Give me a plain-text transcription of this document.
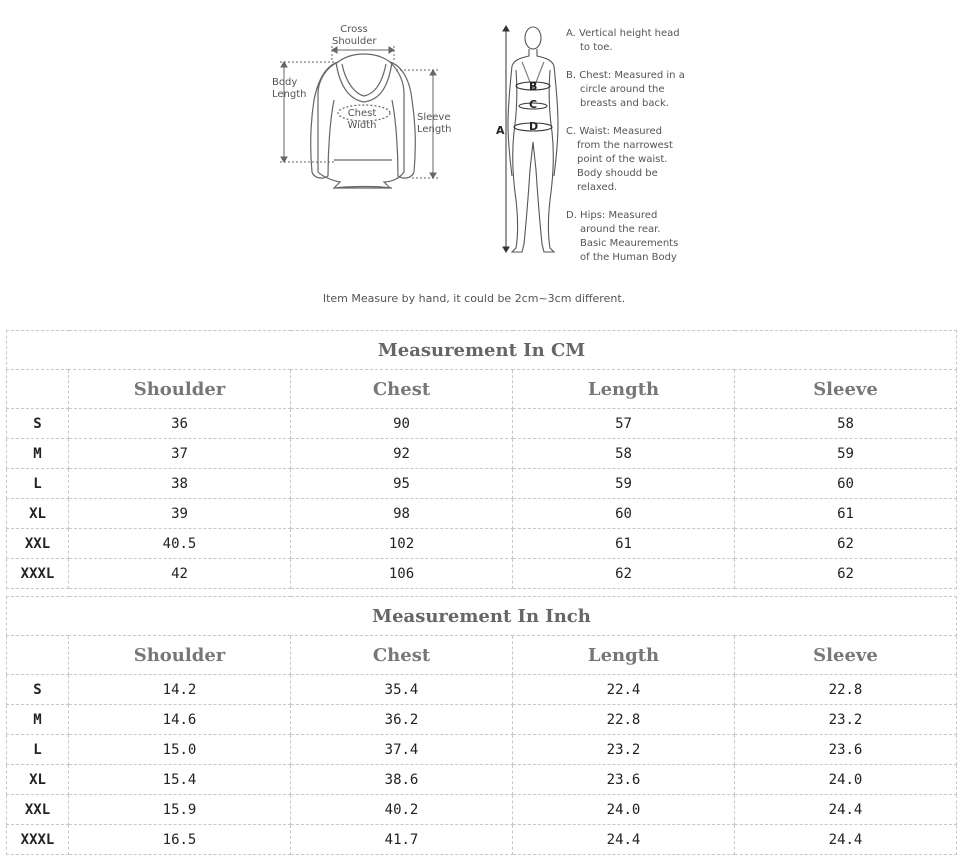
Cross
Shoulder
Body
Length
Chest
Width
Sleeve
Length	A
B
C
D
A. Vertical height head
to toe.
B. Chest: Measured in a
circle around the
breasts and back.
C. Waist: Measured
from the narrowest
point of the waist.
Body shoudd be
relaxed.
D. Hips: Measured
around the rear.
Basic Meaurements
of the Human Body
Item Measure by hand, it could be 2cm~3cm different.
Measurement In CM				
	Shoulder	Chest	Length	Sleeve
S	36	90	57	58
M	37	92	58	59
L	38	95	59	60
XL	39	98	60	61
XXL	40.5	102	61	62
XXXL	42	106	62	62
Measurement In Inch				
	Shoulder	Chest	Length	Sleeve
S	14.2	35.4	22.4	22.8
M	14.6	36.2	22.8	23.2
L	15.0	37.4	23.2	23.6
XL	15.4	38.6	23.6	24.0
XXL	15.9	40.2	24.0	24.4
XXXL	16.5	41.7	24.4	24.4
